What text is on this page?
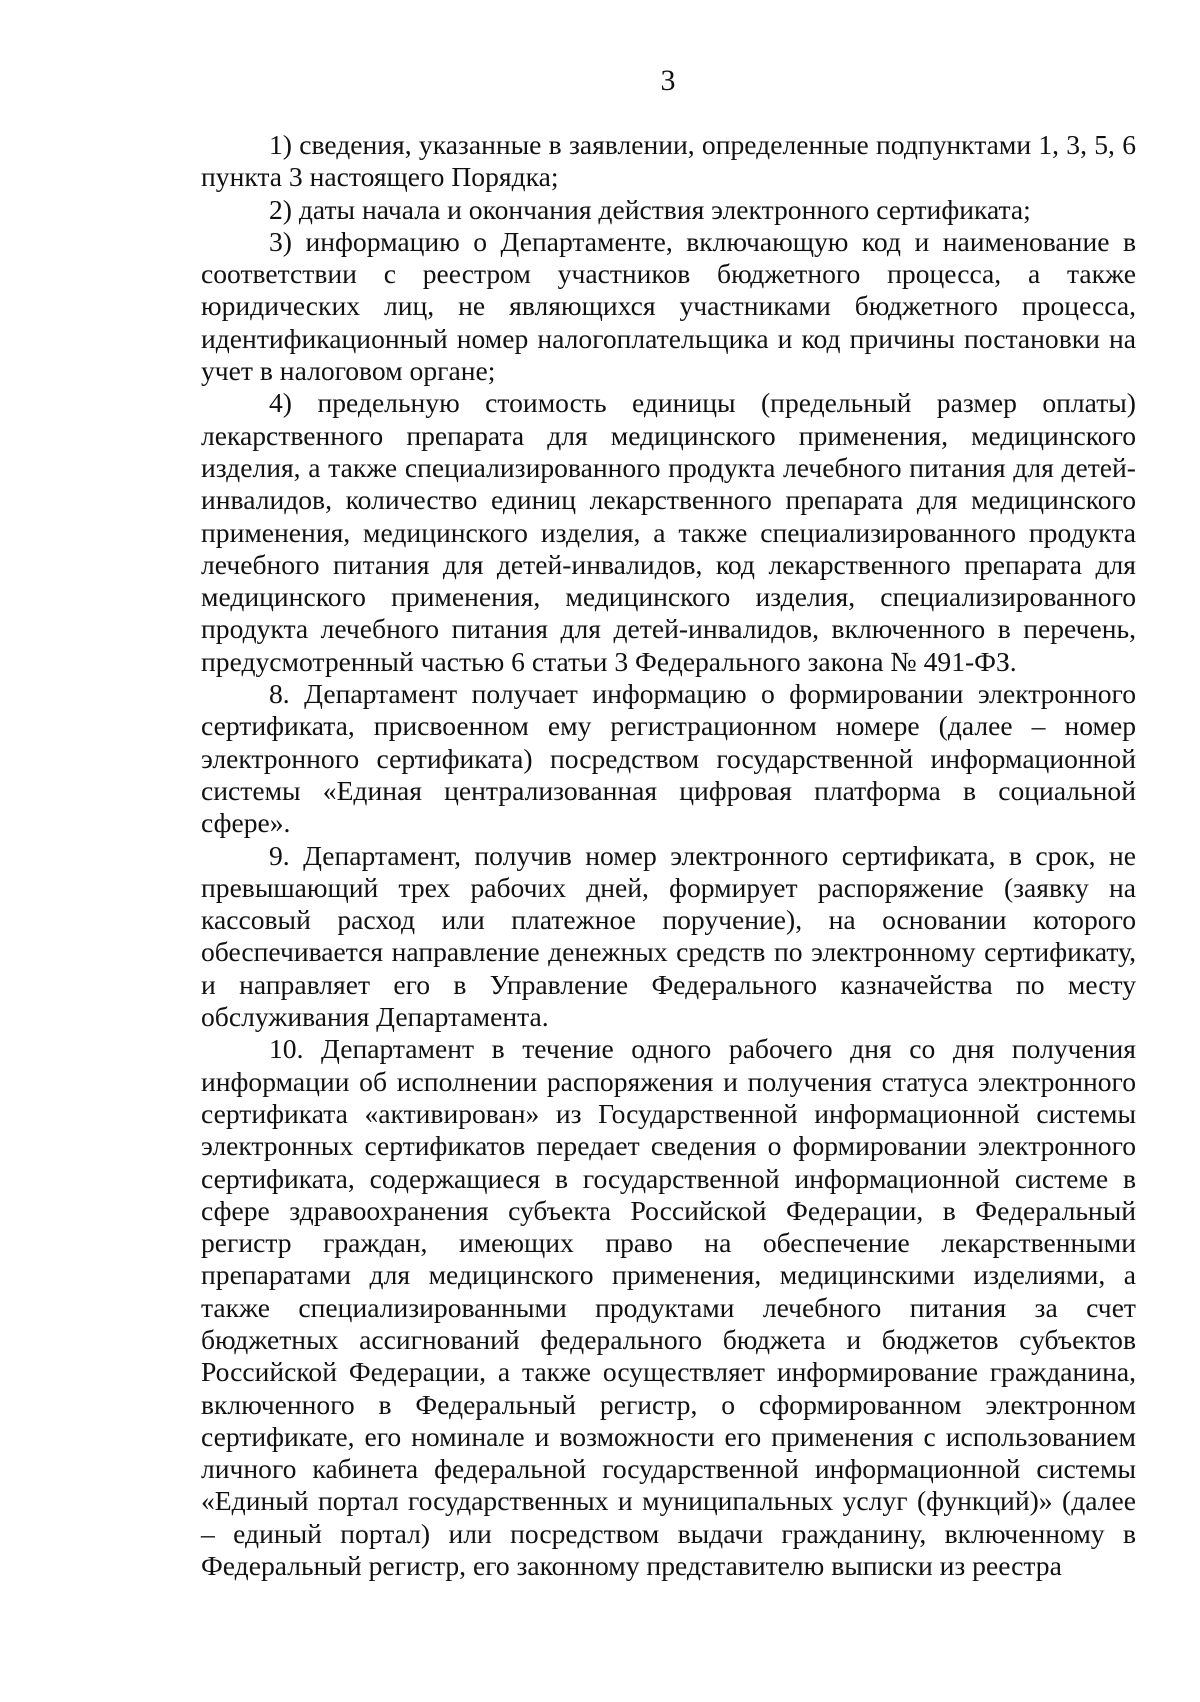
3

1) сведения, указанные в заявлении, определенные подпунктами 1, 3, 5, 6 пункта 3 настоящего Порядка;

2) даты начала и окончания действия электронного сертификата;

3) информацию о Департаменте, включающую код и наименование в соответствии с реестром участников бюджетного процесса, а также юридических лиц, не являющихся участниками бюджетного процесса, идентификационный номер налогоплательщика и код причины постановки на учет в налоговом органе;

4) предельную стоимость единицы (предельный размер оплаты) лекарственного препарата для медицинского применения, медицинского изделия, а также специализированного продукта лечебного питания для детей-инвалидов, количество единиц лекарственного препарата для медицинского применения, медицинского изделия, а также специализированного продукта лечебного питания для детей-инвалидов, код лекарственного препарата для медицинского применения, медицинского изделия, специализированного продукта лечебного питания для детей-инвалидов, включенного в перечень, предусмотренный частью 6 статьи 3 Федерального закона № 491-ФЗ.

8. Департамент получает информацию о формировании электронного сертификата, присвоенном ему регистрационном номере (далее – номер электронного сертификата) посредством государственной информационной системы «Единая централизованная цифровая платформа в социальной сфере».

9. Департамент, получив номер электронного сертификата, в срок, не превышающий трех рабочих дней, формирует распоряжение (заявку на кассовый расход или платежное поручение), на основании которого обеспечивается направление денежных средств по электронному сертификату, и направляет его в Управление Федерального казначейства по месту обслуживания Департамента.

10. Департамент в течение одного рабочего дня со дня получения информации об исполнении распоряжения и получения статуса электронного сертификата «активирован» из Государственной информационной системы электронных сертификатов передает сведения о формировании электронного сертификата, содержащиеся в государственной информационной системе в сфере здравоохранения субъекта Российской Федерации, в Федеральный регистр граждан, имеющих право на обеспечение лекарственными препаратами для медицинского применения, медицинскими изделиями, а также специализированными продуктами лечебного питания за счет бюджетных ассигнований федерального бюджета и бюджетов субъектов Российской Федерации, а также осуществляет информирование гражданина, включенного в Федеральный регистр, о сформированном электронном сертификате, его номинале и возможности его применения с использованием личного кабинета федеральной государственной информационной системы «Единый портал государственных и муниципальных услуг (функций)» (далее – единый портал) или посредством выдачи гражданину, включенному в Федеральный регистр, его законному представителю выписки из реестра
